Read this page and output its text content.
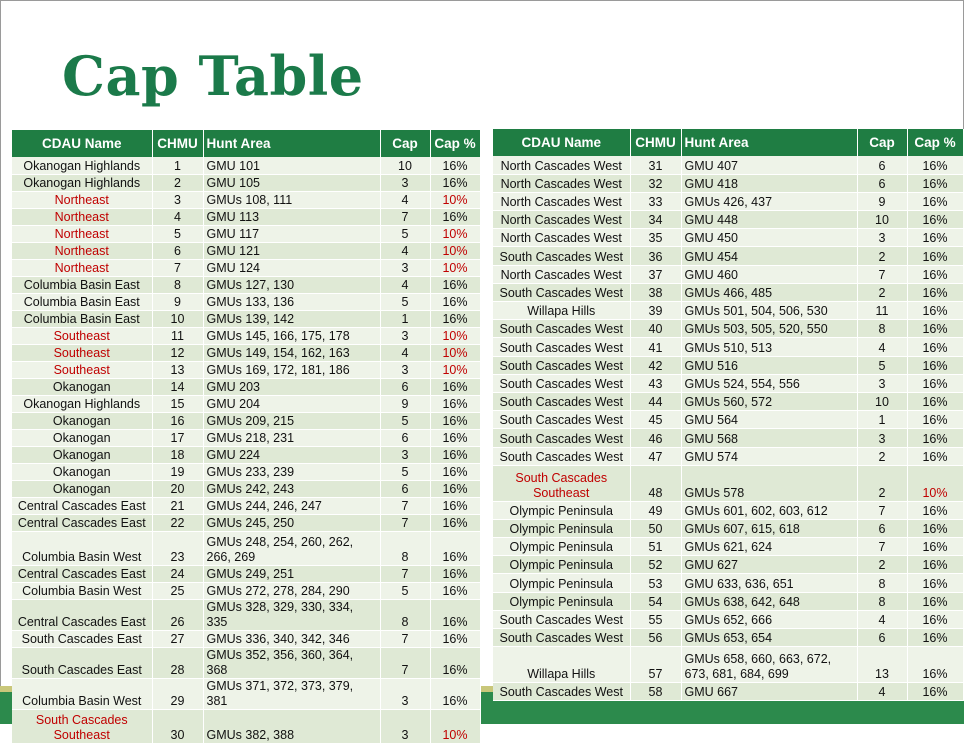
Cap Table
CDAU Name	CHMU	Hunt Area	Cap	Cap %
Okanogan Highlands	1	GMU 101	10	16%
Okanogan Highlands	2	GMU 105	3	16%
Northeast	3	GMUs 108, 111	4	10%
Northeast	4	GMU 113	7	16%
Northeast	5	GMU 117	5	10%
Northeast	6	GMU 121	4	10%
Northeast	7	GMU 124	3	10%
Columbia Basin East	8	GMUs 127, 130	4	16%
Columbia Basin East	9	GMUs 133, 136	5	16%
Columbia Basin East	10	GMUs 139, 142	1	16%
Southeast	11	GMUs 145, 166, 175, 178	3	10%
Southeast	12	GMUs 149, 154, 162, 163	4	10%
Southeast	13	GMUs 169, 172, 181, 186	3	10%
Okanogan	14	GMU 203	6	16%
Okanogan Highlands	15	GMU 204	9	16%
Okanogan	16	GMUs 209, 215	5	16%
Okanogan	17	GMUs 218, 231	6	16%
Okanogan	18	GMU 224	3	16%
Okanogan	19	GMUs 233, 239	5	16%
Okanogan	20	GMUs 242, 243	6	16%
Central Cascades East	21	GMUs 244, 246, 247	7	16%
Central Cascades East	22	GMUs 245, 250	7	16%
Columbia Basin West	23	GMUs 248, 254, 260, 262, 266, 269	8	16%
Central Cascades East	24	GMUs 249, 251	7	16%
Columbia Basin West	25	GMUs 272, 278, 284, 290	5	16%
Central Cascades East	26	GMUs 328, 329, 330, 334, 335	8	16%
South Cascades East	27	GMUs 336, 340, 342, 346	7	16%
South Cascades East	28	GMUs 352, 356, 360, 364, 368	7	16%
Columbia Basin West	29	GMUs 371, 372, 373, 379, 381	3	16%
South Cascades Southeast	30	GMUs 382, 388	3	10%
CDAU Name	CHMU	Hunt Area	Cap	Cap %
North Cascades West	31	GMU 407	6	16%
North Cascades West	32	GMU 418	6	16%
North Cascades West	33	GMUs 426, 437	9	16%
North Cascades West	34	GMU 448	10	16%
North Cascades West	35	GMU 450	3	16%
South Cascades West	36	GMU 454	2	16%
North Cascades West	37	GMU 460	7	16%
South Cascades West	38	GMUs 466, 485	2	16%
Willapa Hills	39	GMUs 501, 504, 506, 530	11	16%
South Cascades West	40	GMUs 503, 505, 520, 550	8	16%
South Cascades West	41	GMUs 510, 513	4	16%
South Cascades West	42	GMU 516	5	16%
South Cascades West	43	GMUs 524, 554, 556	3	16%
South Cascades West	44	GMUs 560, 572	10	16%
South Cascades West	45	GMU 564	1	16%
South Cascades West	46	GMU 568	3	16%
South Cascades West	47	GMU 574	2	16%
South Cascades Southeast	48	GMUs 578	2	10%
Olympic Peninsula	49	GMUs 601, 602, 603, 612	7	16%
Olympic Peninsula	50	GMUs 607, 615, 618	6	16%
Olympic Peninsula	51	GMUs 621, 624	7	16%
Olympic Peninsula	52	GMU 627	2	16%
Olympic Peninsula	53	GMU 633, 636, 651	8	16%
Olympic Peninsula	54	GMUs 638, 642, 648	8	16%
South Cascades West	55	GMUs 652, 666	4	16%
South Cascades West	56	GMUs 653, 654	6	16%
Willapa Hills	57	GMUs 658, 660, 663, 672, 673, 681, 684, 699	13	16%
South Cascades West	58	GMU 667	4	16%
